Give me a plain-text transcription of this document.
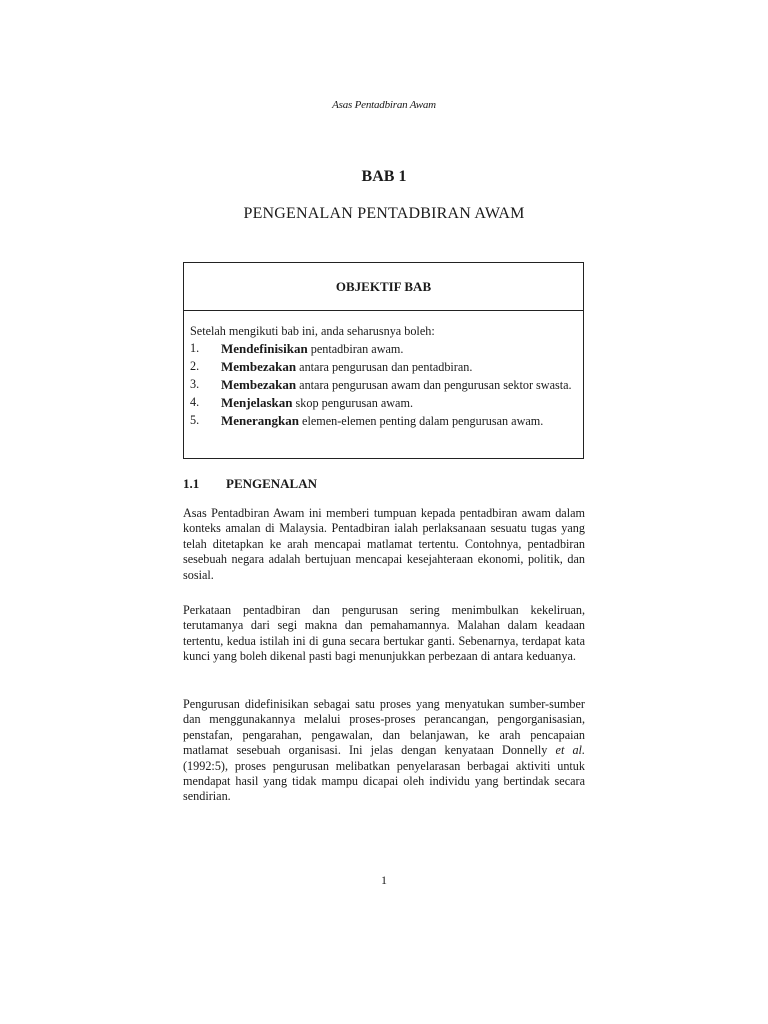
Asas Pentadbiran Awam
BAB 1
PENGENALAN PENTADBIRAN AWAM
OBJEKTIF BAB
Setelah mengikuti bab ini, anda seharusnya boleh:
1.	Mendefinisikan pentadbiran awam.
2.	Membezakan antara pengurusan dan pentadbiran.
3.	Membezakan antara pengurusan awam dan pengurusan sektor swasta.
4.	Menjelaskan skop pengurusan awam.
5.	Menerangkan elemen-elemen penting dalam pengurusan awam.
1.1	PENGENALAN

Asas Pentadbiran Awam ini memberi tumpuan kepada pentadbiran awam dalam konteks amalan di Malaysia. Pentadbiran ialah perlaksanaan sesuatu tugas yang telah ditetapkan ke arah mencapai matlamat tertentu. Contohnya, pentadbiran sesebuah negara adalah bertujuan mencapai kesejahteraan ekonomi, politik, dan sosial.

Perkataan pentadbiran dan pengurusan sering menimbulkan kekeliruan, terutamanya dari segi makna dan pemahamannya. Malahan dalam keadaan tertentu, kedua istilah ini di guna secara bertukar ganti. Sebenarnya, terdapat kata kunci yang boleh dikenal pasti bagi menunjukkan perbezaan di antara keduanya.

Pengurusan didefinisikan sebagai satu proses yang menyatukan sumber-sumber dan menggunakannya melalui proses-proses perancangan, pengorganisasian, penstafan, pengarahan, pengawalan, dan belanjawan, ke arah pencapaian matlamat sesebuah organisasi. Ini jelas dengan kenyataan Donnelly et al. (1992:5), proses pengurusan melibatkan penyelarasan berbagai aktiviti untuk mendapat hasil yang tidak mampu dicapai oleh individu yang bertindak secara sendirian.

1
